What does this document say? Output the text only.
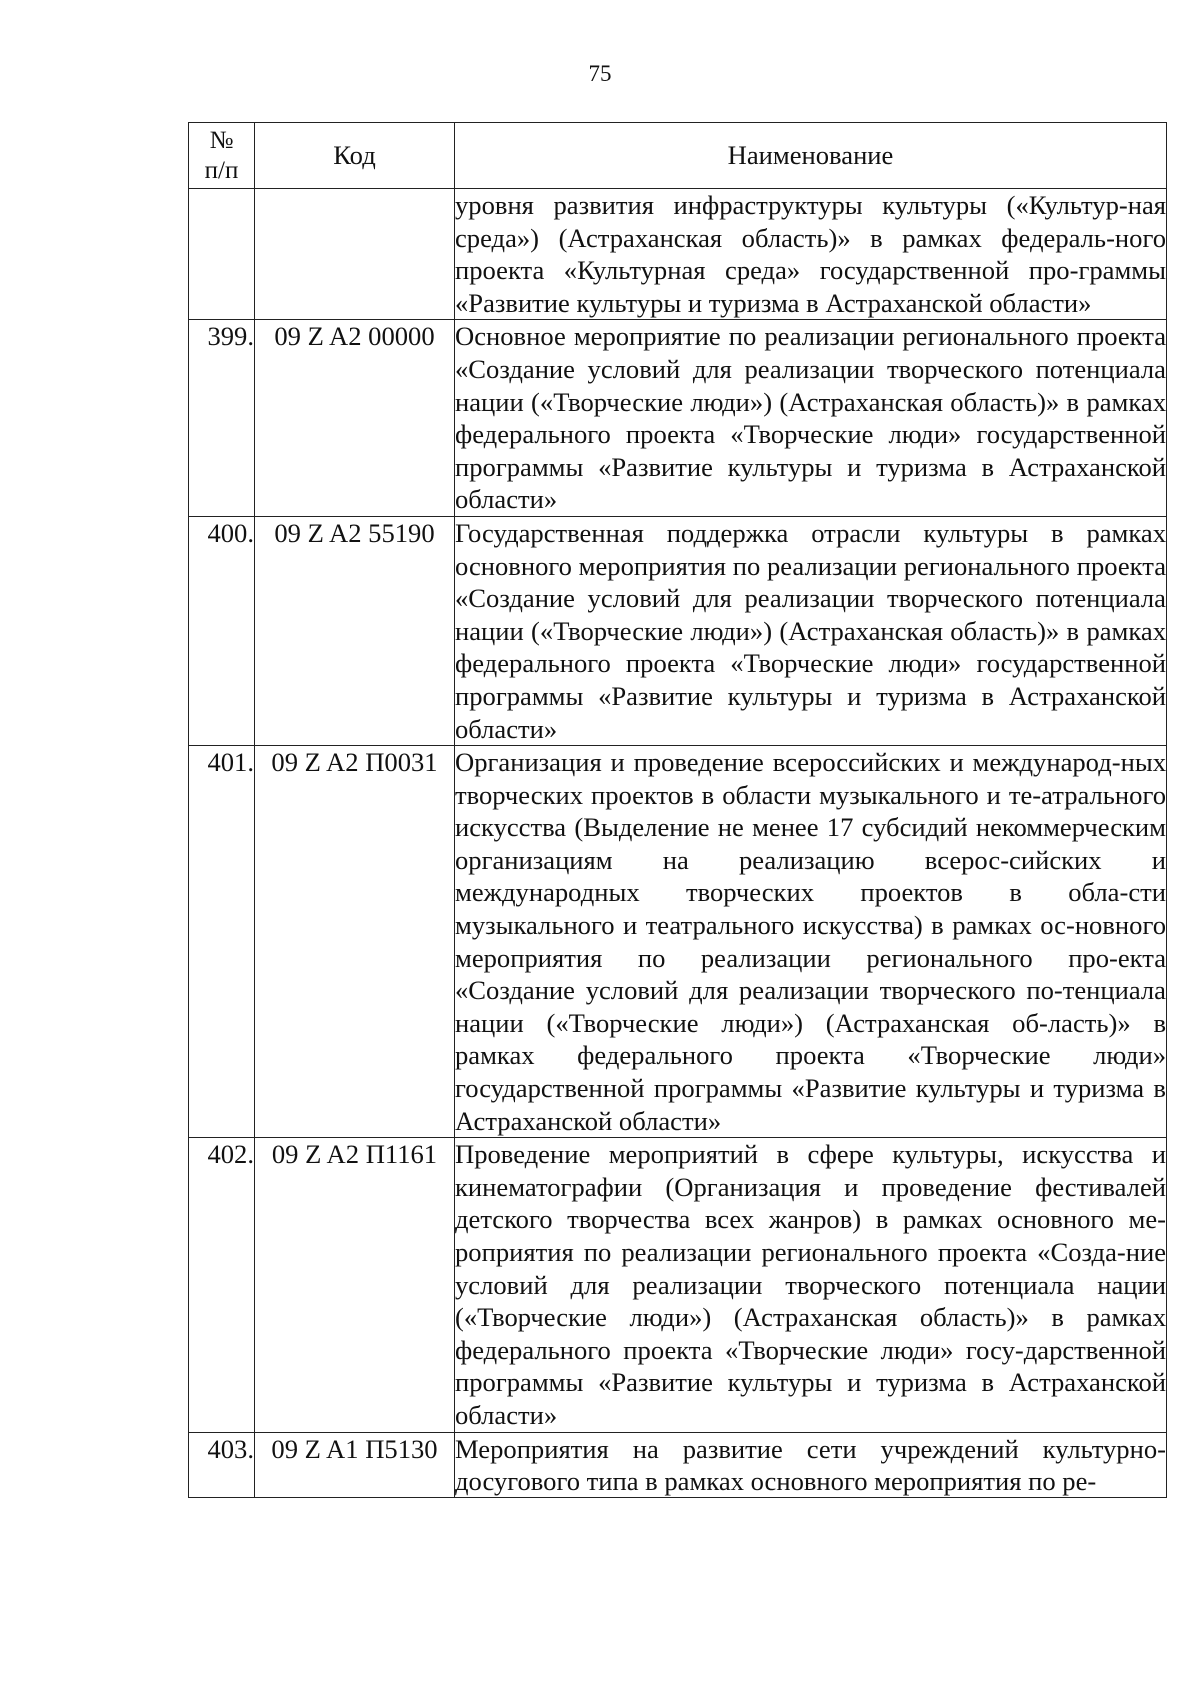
75
№
п/п	Код	Наименование
		уровня развития инфраструктуры культуры («Культур-ная среда») (Астраханская область)» в рамках федераль-ного проекта «Культурная среда» государственной про-граммы «Развитие культуры и туризма в Астраханской области»
399.	09 Z A2 00000	Основное мероприятие по реализации регионального проекта «Создание условий для реализации творческого потенциала нации («Творческие люди») (Астраханская область)» в рамках федерального проекта «Творческие люди» государственной программы «Развитие культуры и туризма в Астраханской области»
400.	09 Z A2 55190	Государственная поддержка отрасли культуры в рамках основного мероприятия по реализации регионального проекта «Создание условий для реализации творческого потенциала нации («Творческие люди») (Астраханская область)» в рамках федерального проекта «Творческие люди» государственной программы «Развитие культуры и туризма в Астраханской области»
401.	09 Z A2 П0031	Организация и проведение всероссийских и международ-ных творческих проектов в области музыкального и те-атрального искусства (Выделение не менее 17 субсидий некоммерческим организациям на реализацию всерос-сийских и международных творческих проектов в обла-сти музыкального и театрального искусства) в рамках ос-новного мероприятия по реализации регионального про-екта «Создание условий для реализации творческого по-тенциала нации («Творческие люди») (Астраханская об-ласть)» в рамках федерального проекта «Творческие люди» государственной программы «Развитие культуры и туризма в Астраханской области»
402.	09 Z A2 П1161	Проведение мероприятий в сфере культуры, искусства и кинематографии (Организация и проведение фестивалей детского творчества всех жанров) в рамках основного ме-роприятия по реализации регионального проекта «Созда-ние условий для реализации творческого потенциала нации («Творческие люди») (Астраханская область)» в рамках федерального проекта «Творческие люди» госу-дарственной программы «Развитие культуры и туризма в Астраханской области»
403.	09 Z A1 П5130	Мероприятия на развитие сети учреждений культурно-досугового типа в рамках основного мероприятия по ре-
